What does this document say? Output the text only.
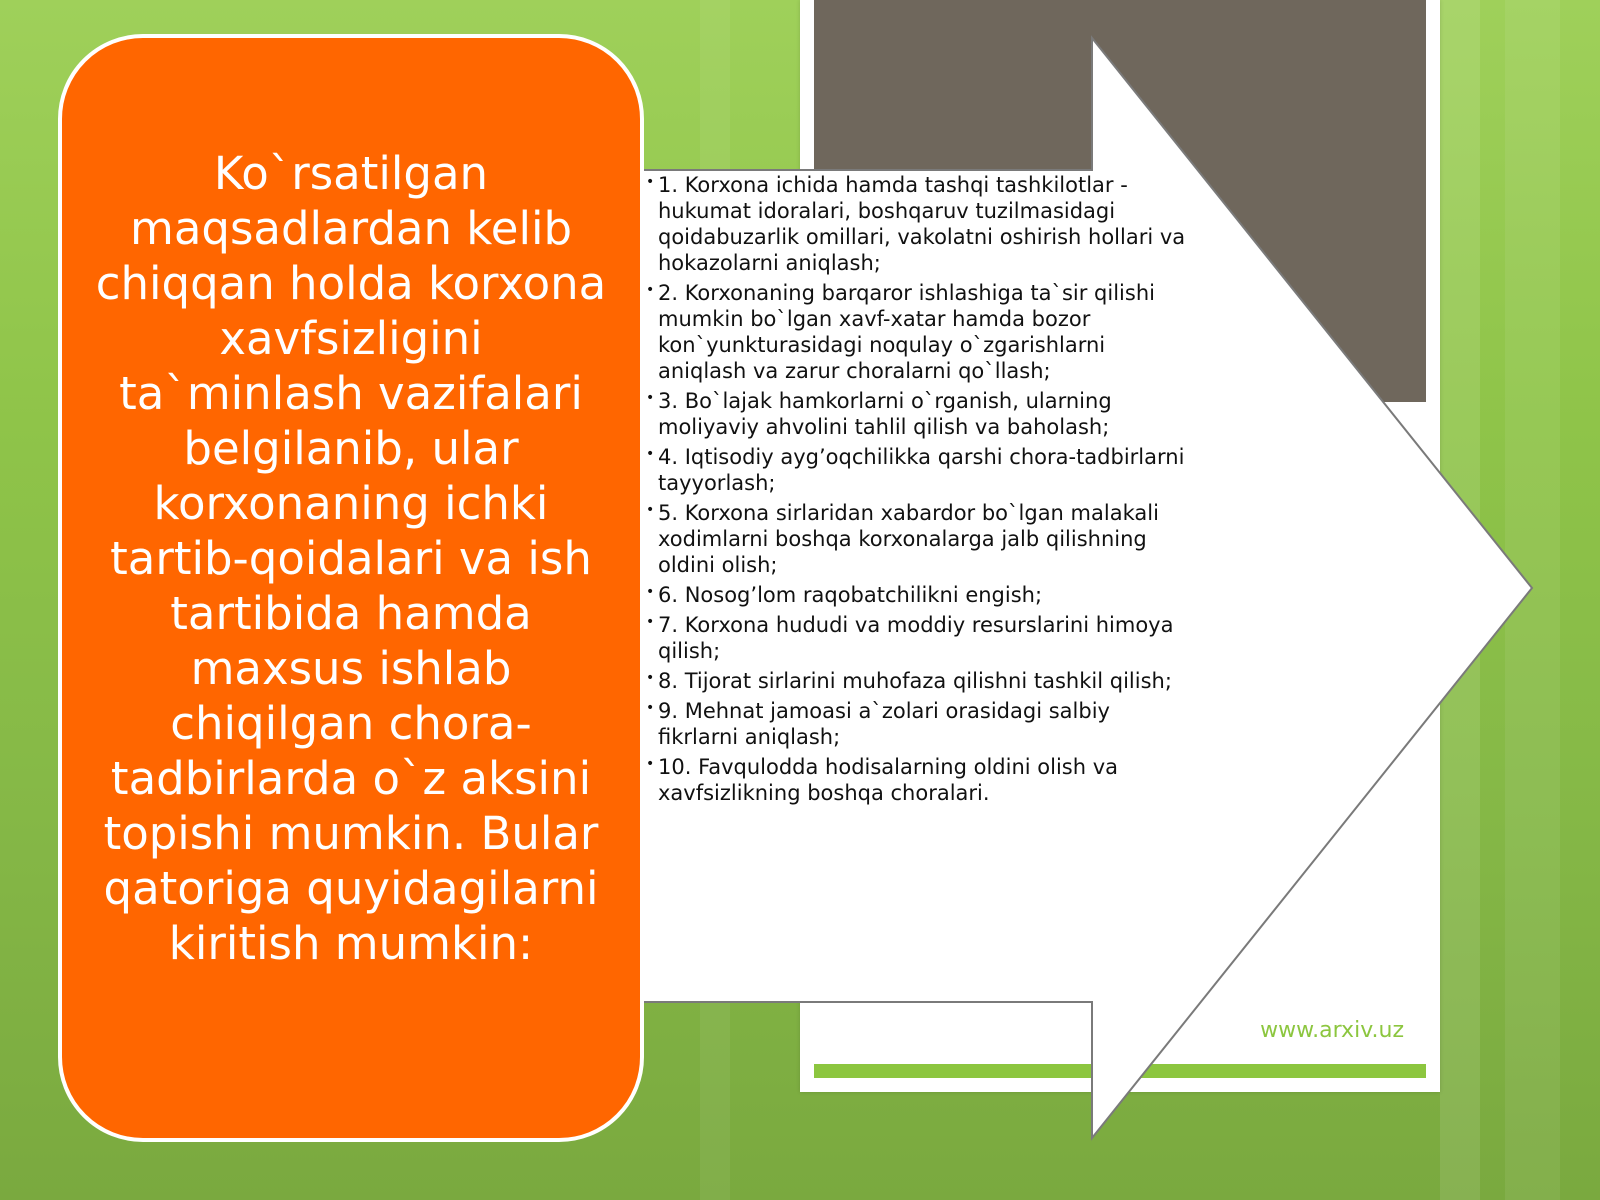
www.arxiv.uz
Ko`rsatilgan maqsadlardan kelib chiqqan holda korxona xavfsizligini ta`minlash vazifalari belgilanib, ular korxonaning ichki tartib-qoidalari va ish tartibida hamda maxsus ishlab chiqilgan chora-tadbirlarda o`z aksini topishi mumkin. Bular qatoriga quyidagilarni kiritish mumkin:
• 1. Korxona ichida hamda tashqi tashkilotlar - hukumat idoralari, boshqaruv tuzilmasidagi qoidabuzarlik omillari, vakolatni oshirish hollari va hokazolarni aniqlash;
• 2. Korxonaning barqaror ishlashiga ta`sir qilishi mumkin bo`lgan xavf-xatar hamda bozor kon`yunkturasidagi noqulay o`zgarishlarni aniqlash va zarur choralarni qo`llash;
• 3. Bo`lajak hamkorlarni o`rganish, ularning moliyaviy ahvolini tahlil qilish va baholash;
• 4. Iqtisodiy ayg’oqchilikka qarshi chora-tadbirlarni tayyorlash;
• 5. Korxona sirlaridan xabardor bo`lgan malakali xodimlarni boshqa korxonalarga jalb qilishning oldini olish;
• 6. Nosog’lom raqobatchilikni engish;
• 7. Korxona hududi va moddiy resurslarini himoya qilish;
• 8. Tijorat sirlarini muhofaza qilishni tashkil qilish;
• 9. Mehnat jamoasi a`zolari orasidagi salbiy fikrlarni aniqlash;
• 10. Favqulodda hodisalarning oldini olish va xavfsizlikning boshqa choralari.
